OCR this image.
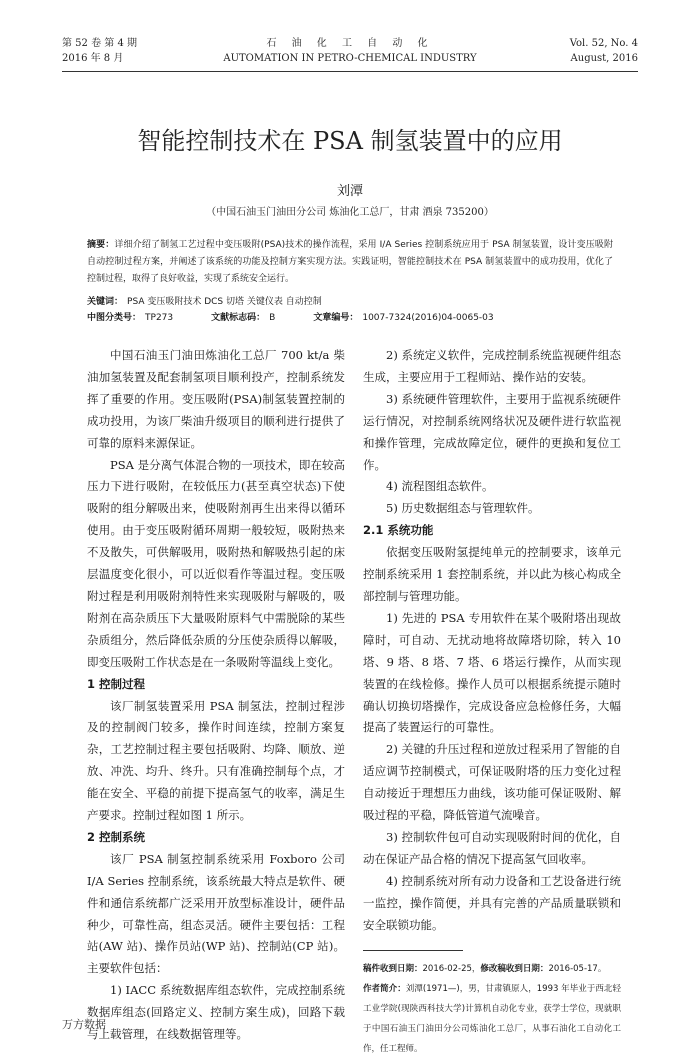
第 52 卷 第 4 期
2016 年 8 月
石 油 化 工 自 动 化
AUTOMATION IN PETRO-CHEMICAL INDUSTRY
Vol. 52, No. 4
August, 2016
智能控制技术在 PSA 制氢装置中的应用
刘潭
（中国石油玉门油田分公司 炼油化工总厂，甘肃 酒泉 735200）
摘要：详细介绍了制氢工艺过程中变压吸附(PSA)技术的操作流程，采用 I/A Series 控制系统应用于 PSA 制氢装置，设计变压吸附自动控制过程方案，并阐述了该系统的功能及控制方案实现方法。实践证明，智能控制技术在 PSA 制氢装置中的成功投用，优化了控制过程，取得了良好收益，实现了系统安全运行。
关键词： PSA 变压吸附技术 DCS 切塔 关键仪表 自动控制
中图分类号： TP273	文献标志码： B	文章编号： 1007-7324(2016)04-0065-03

中国石油玉门油田炼油化工总厂 700 kt/a 柴油加氢装置及配套制氢项目顺利投产，控制系统发挥了重要的作用。变压吸附(PSA)制氢装置控制的成功投用，为该厂柴油升级项目的顺利进行提供了可靠的原料来源保证。

PSA 是分离气体混合物的一项技术，即在较高压力下进行吸附，在较低压力(甚至真空状态)下使吸附的组分解吸出来，使吸附剂再生出来得以循环使用。由于变压吸附循环周期一般较短，吸附热来不及散失，可供解吸用，吸附热和解吸热引起的床层温度变化很小，可以近似看作等温过程。变压吸附过程是利用吸附剂特性来实现吸附与解吸的，吸附剂在高杂质压下大量吸附原料气中需脱除的某些杂质组分，然后降低杂质的分压使杂质得以解吸，即变压吸附工作状态是在一条吸附等温线上变化。

1 控制过程

该厂制氢装置采用 PSA 制氢法，控制过程涉及的控制阀门较多，操作时间连续，控制方案复杂，工艺控制过程主要包括吸附、均降、顺放、逆放、冲洗、均升、终升。只有准确控制每个点，才能在安全、平稳的前提下提高氢气的收率，满足生产要求。控制过程如图 1 所示。

2 控制系统

该厂 PSA 制氢控制系统采用 Foxboro 公司 I/A Series 控制系统，该系统最大特点是软件、硬件和通信系统都广泛采用开放型标准设计，硬件品种少，可靠性高，组态灵活。硬件主要包括：工程站(AW 站)、操作员站(WP 站)、控制站(CP 站)。主要软件包括：

1) IACC 系统数据库组态软件，完成控制系统数据库组态(回路定义、控制方案生成)，回路下载与上载管理，在线数据管理等。

2) 系统定义软件，完成控制系统监视硬件组态生成，主要应用于工程师站、操作站的安装。

3) 系统硬件管理软件，主要用于监视系统硬件运行情况，对控制系统网络状况及硬件进行软监视和操作管理，完成故障定位，硬件的更换和复位工作。

4) 流程图组态软件。

5) 历史数据组态与管理软件。

2.1 系统功能

依据变压吸附氢提纯单元的控制要求，该单元控制系统采用 1 套控制系统，并以此为核心构成全部控制与管理功能。

1) 先进的 PSA 专用软件在某个吸附塔出现故障时，可自动、无扰动地将故障塔切除，转入 10 塔、9 塔、8 塔、7 塔、6 塔运行操作，从而实现装置的在线检修。操作人员可以根据系统提示随时确认切换切塔操作，完成设备应急检修任务，大幅提高了装置运行的可靠性。

2) 关键的升压过程和逆放过程采用了智能的自适应调节控制模式，可保证吸附塔的压力变化过程自动接近于理想压力曲线，该功能可保证吸附、解吸过程的平稳，降低管道气流噪音。

3) 控制软件包可自动实现吸附时间的优化，自动在保证产品合格的情况下提高氢气回收率。

4) 控制系统对所有动力设备和工艺设备进行统一监控，操作简便，并具有完善的产品质量联锁和安全联锁功能。

稿件收到日期：2016-02-25，修改稿收到日期：2016-05-17。
作者简介：刘潭(1971—)，男，甘肃镇原人，1993 年毕业于西北轻工业学院(现陕西科技大学)计算机自动化专业，获学士学位，现就职于中国石油玉门油田分公司炼油化工总厂，从事石油化工自动化工作，任工程师。
万方数据
